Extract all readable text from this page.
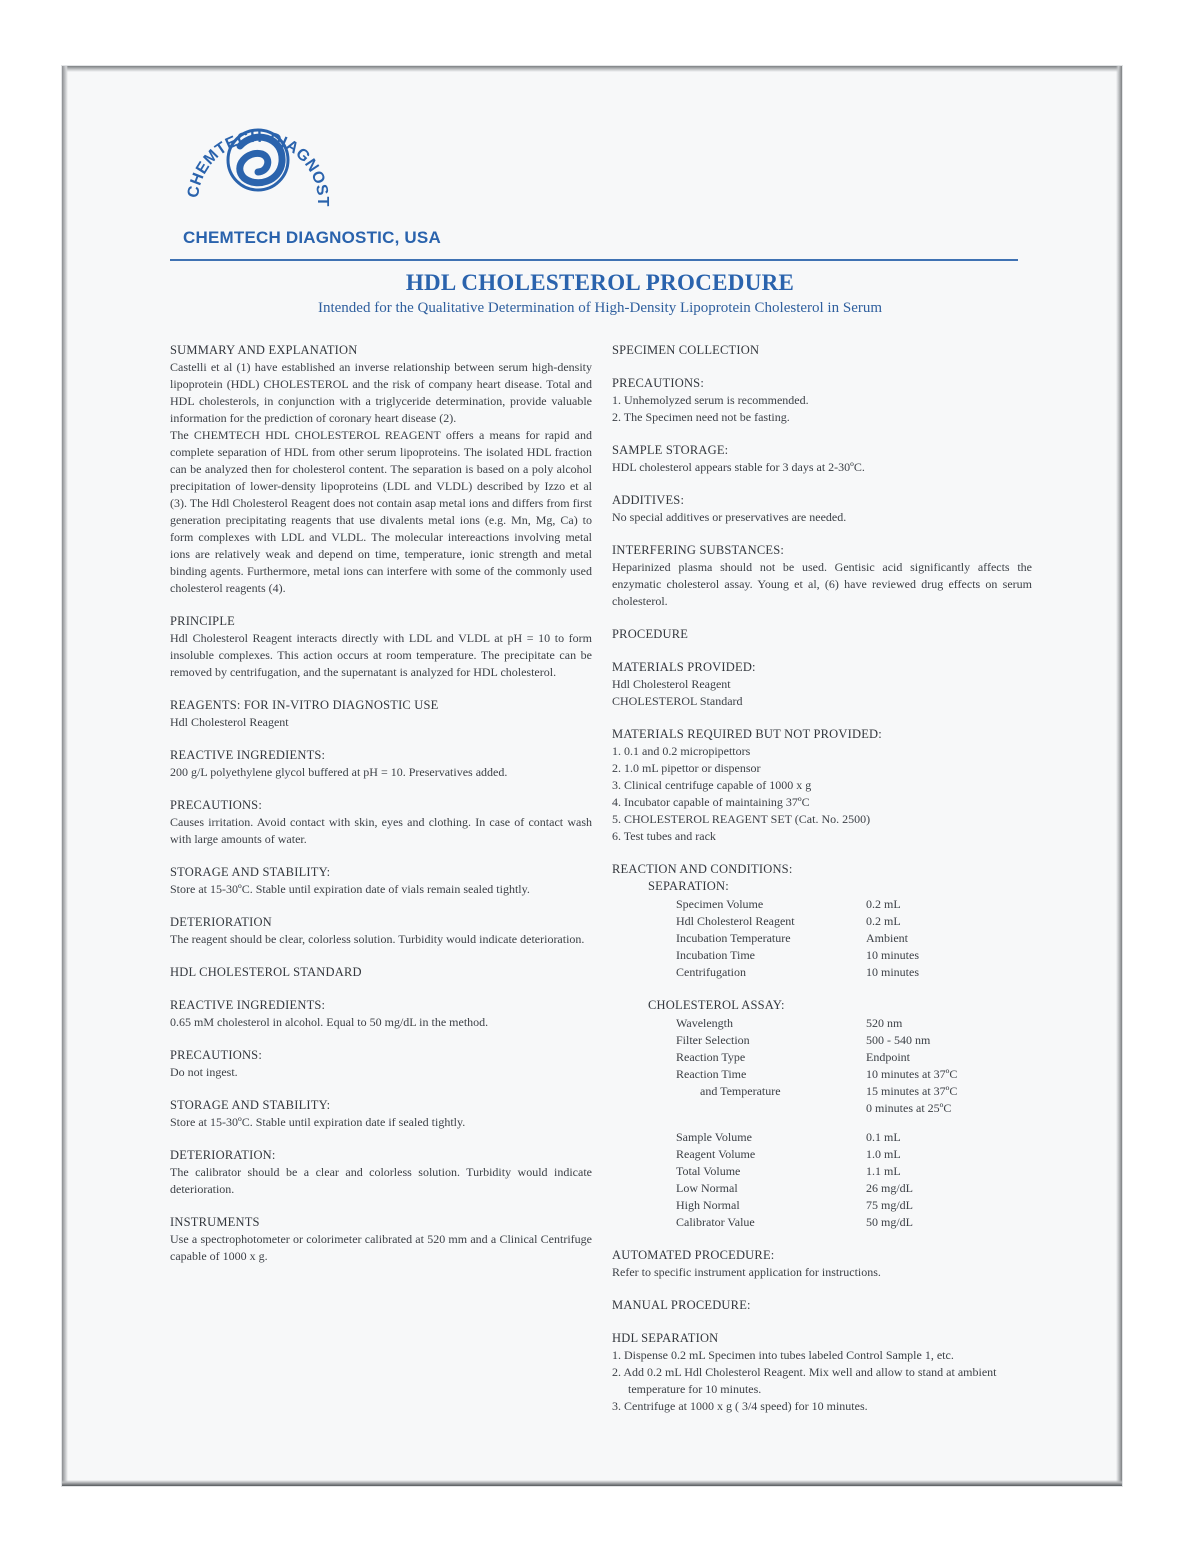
CHEMTECH•DIAGNOST
CHEMTECH DIAGNOSTIC, USA
HDL CHOLESTEROL PROCEDURE
Intended for the Qualitative Determination of High-Density Lipoprotein Cholesterol in Serum
SUMMARY AND EXPLANATION
Castelli et al (1) have established an inverse relationship between serum high-density lipoprotein (HDL) CHOLESTEROL and the risk of company heart disease. Total and HDL cholesterols, in conjunction with a triglyceride determination, provide valuable information for the prediction of coronary heart disease (2).
The CHEMTECH HDL CHOLESTEROL REAGENT offers a means for rapid and complete separation of HDL from other serum lipoproteins. The isolated HDL fraction can be analyzed then for cholesterol content. The separation is based on a poly alcohol precipitation of lower-density lipoproteins (LDL and VLDL) described by Izzo et al (3). The Hdl Cholesterol Reagent does not contain asap metal ions and differs from first generation precipitating reagents that use divalents metal ions (e.g. Mn, Mg, Ca) to form complexes with LDL and VLDL. The molecular intereactions involving metal ions are relatively weak and depend on time, temperature, ionic strength and metal binding agents. Furthermore, metal ions can interfere with some of the commonly used cholesterol reagents (4).
PRINCIPLE
Hdl Cholesterol Reagent interacts directly with LDL and VLDL at pH = 10 to form insoluble complexes. This action occurs at room temperature. The precipitate can be removed by centrifugation, and the supernatant is analyzed for HDL cholesterol.
REAGENTS: FOR IN-VITRO DIAGNOSTIC USE
Hdl Cholesterol Reagent
REACTIVE INGREDIENTS:
200 g/L polyethylene glycol buffered at pH = 10. Preservatives added.
PRECAUTIONS:
Causes irritation. Avoid contact with skin, eyes and clothing. In case of contact wash with large amounts of water.
STORAGE AND STABILITY:
Store at 15-30ºC. Stable until expiration date of vials remain sealed tightly.
DETERIORATION
The reagent should be clear, colorless solution. Turbidity would indicate deterioration.
HDL CHOLESTEROL STANDARD
REACTIVE INGREDIENTS:
0.65 mM cholesterol in alcohol. Equal to 50 mg/dL in the method.
PRECAUTIONS:
Do not ingest.
STORAGE AND STABILITY:
Store at 15-30ºC. Stable until expiration date if sealed tightly.
DETERIORATION:
The calibrator should be a clear and colorless solution. Turbidity would indicate deterioration.
INSTRUMENTS
Use a spectrophotometer or colorimeter calibrated at 520 mm and a Clinical Centrifuge capable of 1000 x g.
SPECIMEN COLLECTION
PRECAUTIONS:
1. Unhemolyzed serum is recommended.
2. The Specimen need not be fasting.
SAMPLE STORAGE:
HDL cholesterol appears stable for 3 days at 2-30ºC.
ADDITIVES:
No special additives or preservatives are needed.
INTERFERING SUBSTANCES:
Heparinized plasma should not be used. Gentisic acid significantly affects the enzymatic cholesterol assay. Young et al, (6) have reviewed drug effects on serum cholesterol.
PROCEDURE
MATERIALS PROVIDED:
Hdl Cholesterol Reagent
CHOLESTEROL Standard
MATERIALS REQUIRED BUT NOT PROVIDED:
1. 0.1 and 0.2 micropipettors
2. 1.0 mL pipettor or dispensor
3. Clinical centrifuge capable of 1000 x g
4. Incubator capable of maintaining 37ºC
5. CHOLESTEROL REAGENT SET (Cat. No. 2500)
6. Test tubes and rack
REACTION AND CONDITIONS:
SEPARATION:
Specimen Volume	0.2 mL
Hdl Cholesterol Reagent	0.2 mL
Incubation Temperature	Ambient
Incubation Time	10 minutes
Centrifugation	10 minutes
CHOLESTEROL ASSAY:
Wavelength	520 nm
Filter Selection	500 - 540 nm
Reaction Type	Endpoint
Reaction Time	10 minutes at 37ºC
and Temperature	15 minutes at 37ºC
0 minutes at 25ºC
Sample Volume	0.1 mL
Reagent Volume	1.0 mL
Total Volume	1.1 mL
Low Normal	26 mg/dL
High Normal	75 mg/dL
Calibrator Value	50 mg/dL
AUTOMATED PROCEDURE:
Refer to specific instrument application for instructions.
MANUAL PROCEDURE:
HDL SEPARATION
1. Dispense 0.2 mL Specimen into tubes labeled Control Sample 1, etc.
2. Add 0.2 mL Hdl Cholesterol Reagent. Mix well and allow to stand at ambient temperature for 10 minutes.
3. Centrifuge at 1000 x g ( 3/4 speed) for 10 minutes.
